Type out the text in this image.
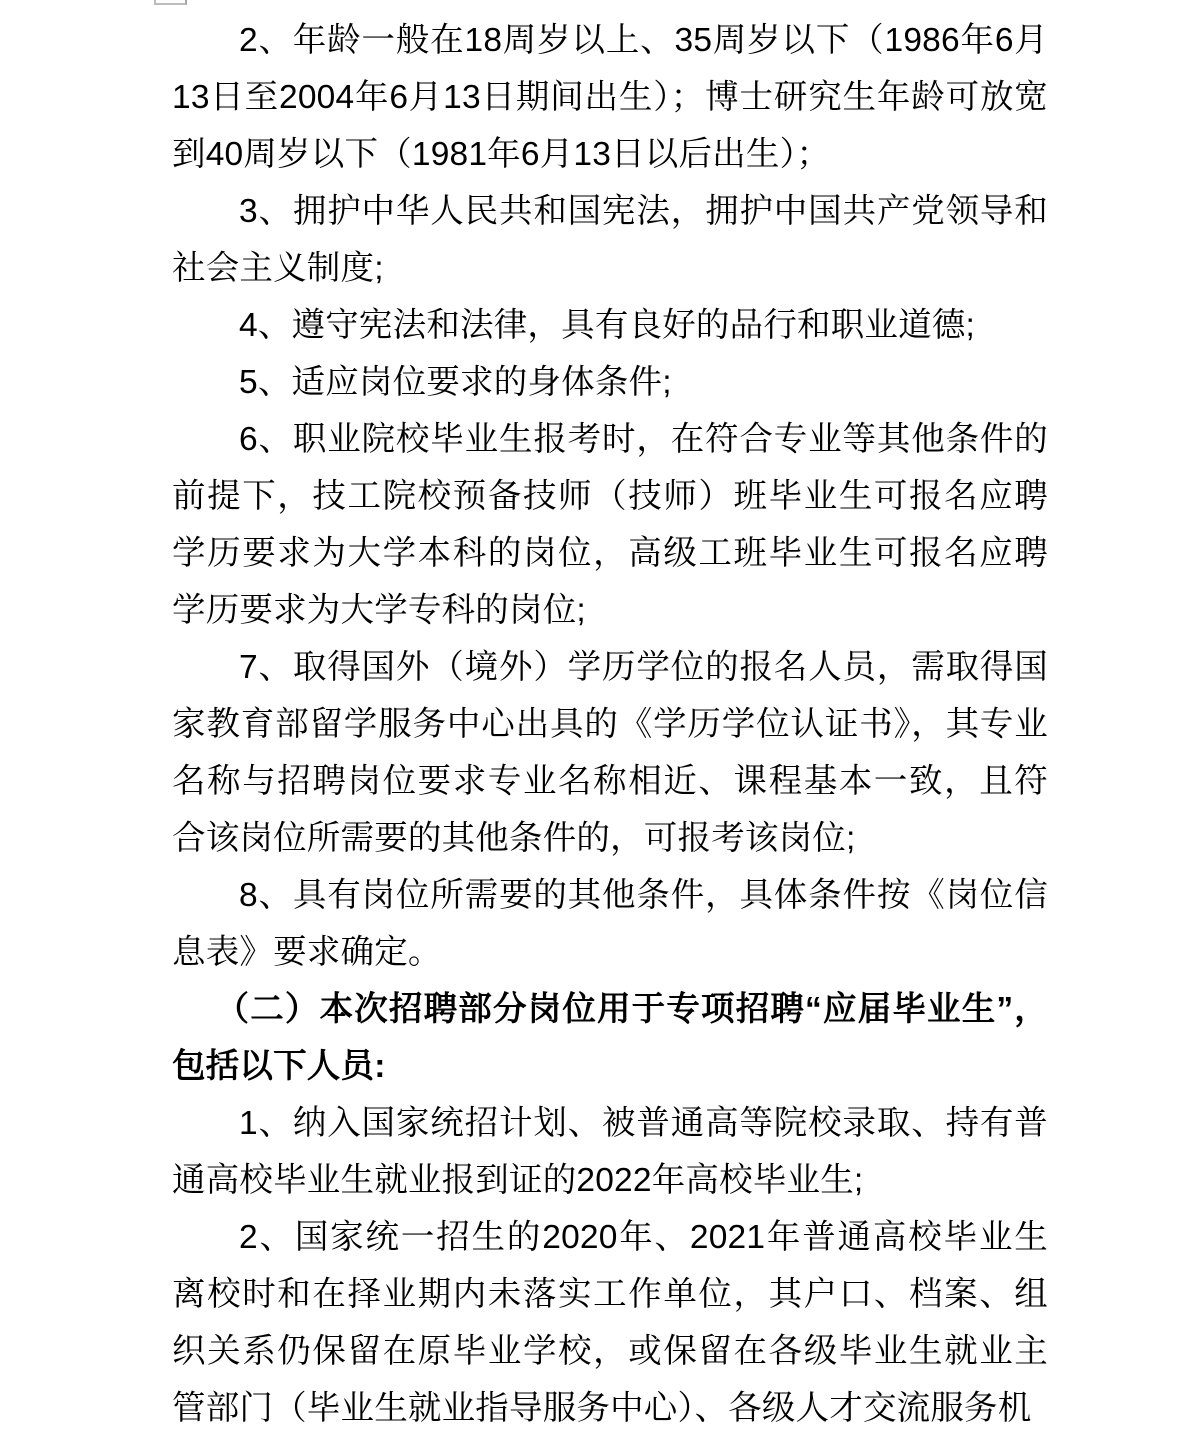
2、年龄一般在18周岁以上、35周岁以下（1986年6月13日至2004年6月13日期间出生）；博士研究生年龄可放宽到40周岁以下（1981年6月13日以后出生）；

3、拥护中华人民共和国宪法，拥护中国共产党领导和社会主义制度;

4、遵守宪法和法律，具有良好的品行和职业道德;

5、适应岗位要求的身体条件;

6、职业院校毕业生报考时，在符合专业等其他条件的前提下，技工院校预备技师（技师）班毕业生可报名应聘学历要求为大学本科的岗位，高级工班毕业生可报名应聘学历要求为大学专科的岗位;

7、取得国外（境外）学历学位的报名人员，需取得国家教育部留学服务中心出具的《学历学位认证书》，其专业名称与招聘岗位要求专业名称相近、课程基本一致，且符合该岗位所需要的其他条件的，可报考该岗位;

8、具有岗位所需要的其他条件，具体条件按《岗位信息表》要求确定。

（二）本次招聘部分岗位用于专项招聘“应届毕业生”，包括以下人员:

1、纳入国家统招计划、被普通高等院校录取、持有普通高校毕业生就业报到证的2022年高校毕业生;

2、国家统一招生的2020年、2021年普通高校毕业生离校时和在择业期内未落实工作单位，其户口、档案、组织关系仍保留在原毕业学校，或保留在各级毕业生就业主管部门（毕业生就业指导服务中心）、各级人才交流服务机
